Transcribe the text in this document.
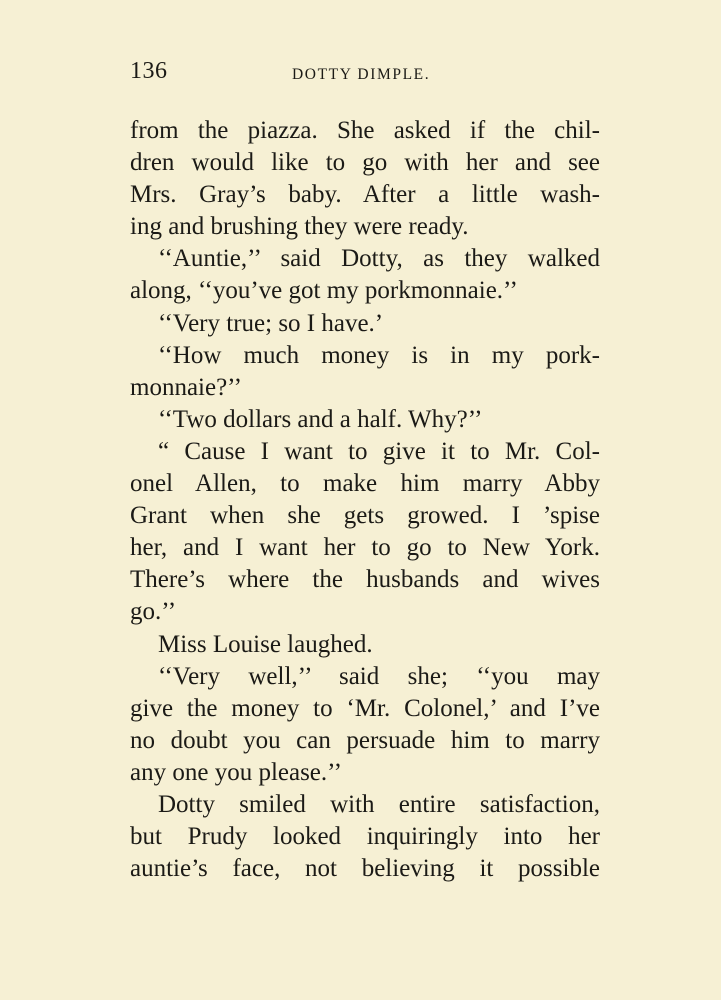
136	DOTTY DIMPLE.
from the piazza. She asked if the chil-
dren would like to go with her and see
Mrs. Gray’s baby. After a little wash-
ing and brushing they were ready.
‘‘Auntie,’’ said Dotty, as they walked
along, ‘‘you’ve got my porkmonnaie.’’
‘‘Very true; so I have.’
‘‘How much money is in my pork-
monnaie?’’
‘‘Two dollars and a half. Why?’’
“ Cause I want to give it to Mr. Col-
onel Allen, to make him marry Abby
Grant when she gets growed. I ’spise
her, and I want her to go to New York.
There’s where the husbands and wives
go.’’
Miss Louise laughed.
‘‘Very well,’’ said she; ‘‘you may
give the money to ‘Mr. Colonel,’ and I’ve
no doubt you can persuade him to marry
any one you please.’’
Dotty smiled with entire satisfaction,
but Prudy looked inquiringly into her
auntie’s face, not believing it possible
